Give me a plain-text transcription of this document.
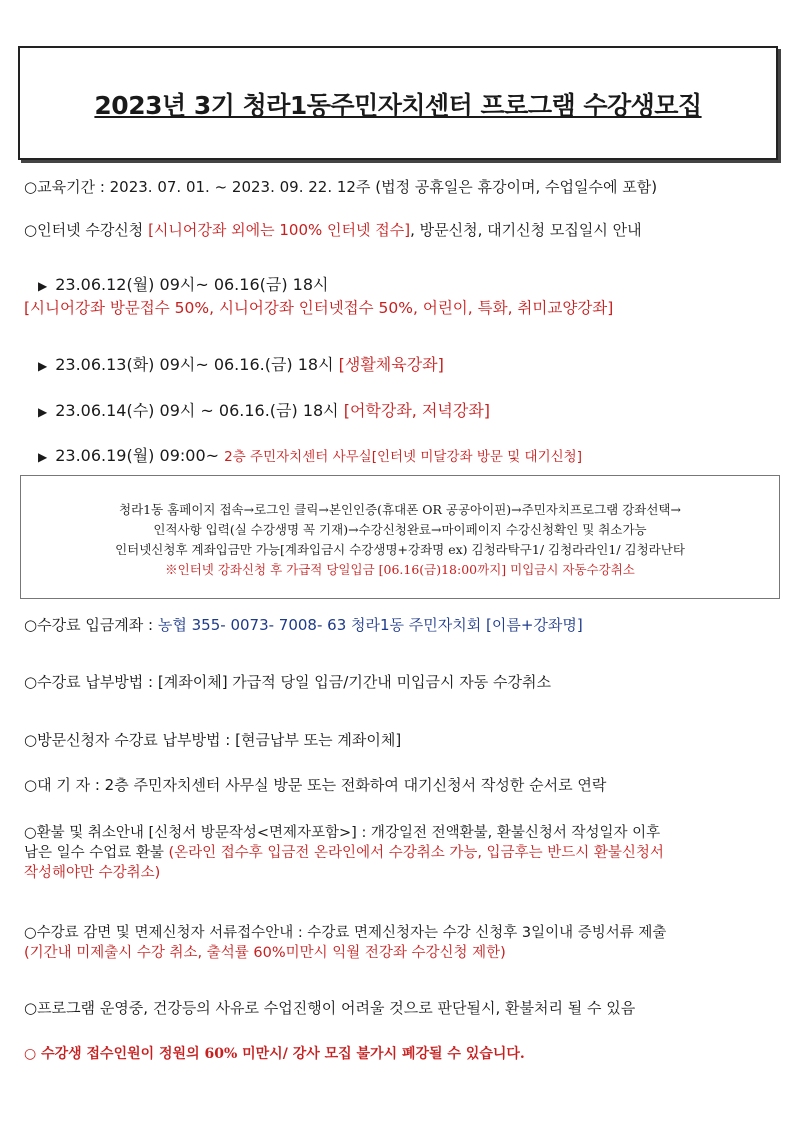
2023년 3기 청라1동주민자치센터 프로그램 수강생모집
○교육기간 : 2023. 07. 01. ~ 2023. 09. 22. 12주 (법정 공휴일은 휴강이며, 수업일수에 포함)
○인터넷 수강신청 [시니어강좌 외에는 100% 인터넷 접수], 방문신청, 대기신청 모집일시 안내
▶ 23.06.12(월) 09시~ 06.16(금) 18시
[시니어강좌 방문접수 50%, 시니어강좌 인터넷접수 50%, 어린이, 특화, 취미교양강좌]
▶ 23.06.13(화) 09시~ 06.16.(금) 18시 [생활체육강좌]
▶ 23.06.14(수) 09시 ~ 06.16.(금) 18시 [어학강좌, 저녁강좌]
▶ 23.06.19(월) 09:00~ 2층 주민자치센터 사무실[인터넷 미달강좌 방문 및 대기신청]
청라1동 홈페이지 접속→로그인 클릭→본인인증(휴대폰 OR 공공아이핀)→주민자치프로그램 강좌선택→
인적사항 입력(실 수강생명 꼭 기재)→수강신청완료→마이페이지 수강신청확인 및 취소가능
인터넷신청후 계좌입금만 가능[계좌입금시 수강생명+강좌명 ex) 김청라탁구1/ 김청라라인1/ 김청라난타
※인터넷 강좌신청 후 가급적 당일입금 [06.16(금)18:00까지] 미입금시 자동수강취소
○수강료 입금계좌 : 농협 355- 0073- 7008- 63 청라1동 주민자치회 [이름+강좌명]
○수강료 납부방법 : [계좌이체] 가급적 당일 입금/기간내 미입금시 자동 수강취소
○방문신청자 수강료 납부방법 : [현금납부 또는 계좌이체]
○대 기 자 : 2층 주민자치센터 사무실 방문 또는 전화하여 대기신청서 작성한 순서로 연락
○환불 및 취소안내 [신청서 방문작성<면제자포함>] : 개강일전 전액환불, 환불신청서 작성일자 이후
남은 일수 수업료 환불 (온라인 접수후 입금전 온라인에서 수강취소 가능, 입금후는 반드시 환불신청서
작성해야만 수강취소)
○수강료 감면 및 면제신청자 서류접수안내 : 수강료 면제신청자는 수강 신청후 3일이내 증빙서류 제출
(기간내 미제출시 수강 취소, 출석률 60%미만시 익월 전강좌 수강신청 제한)
○프로그램 운영중, 건강등의 사유로 수업진행이 어려울 것으로 판단될시, 환불처리 될 수 있음
○ 수강생 접수인원이 정원의 60% 미만시/ 강사 모집 불가시 폐강될 수 있습니다.
